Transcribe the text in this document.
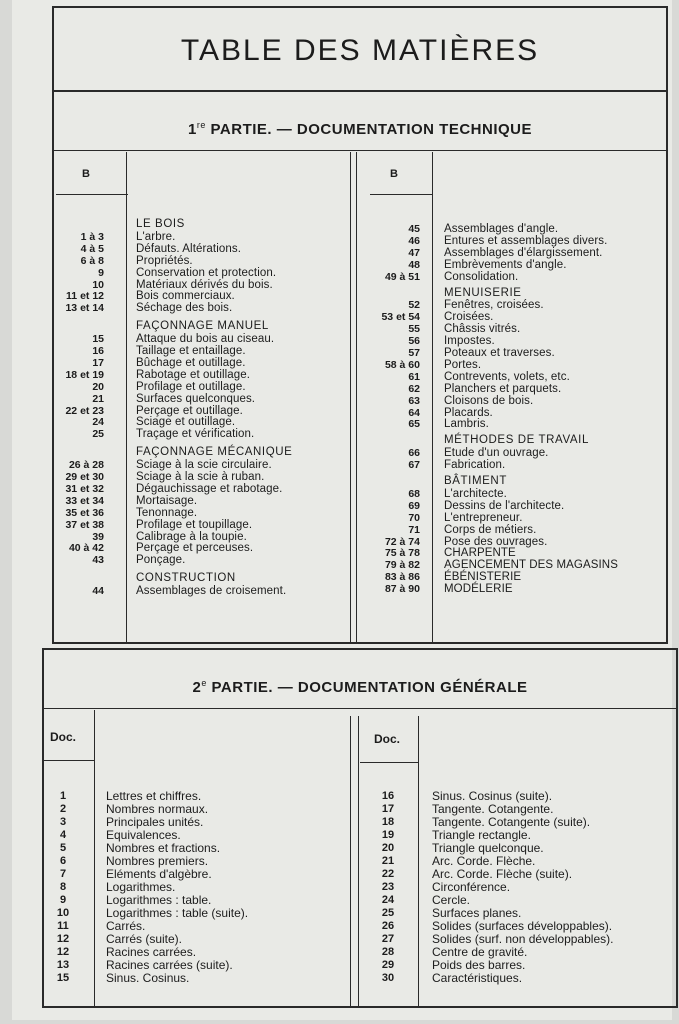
TABLE DES MATIÈRES
1re PARTIE. — DOCUMENTATION TECHNIQUE
B	B
LE BOIS
1 à 3	L'arbre.
4 à 5	Défauts. Altérations.
6 à 8	Propriétés.
9	Conservation et protection.
10	Matériaux dérivés du bois.
11 et 12	Bois commerciaux.
13 et 14	Séchage des bois.
FAÇONNAGE MANUEL
15	Attaque du bois au ciseau.
16	Taillage et entaillage.
17	Bûchage et outillage.
18 et 19	Rabotage et outillage.
20	Profilage et outillage.
21	Surfaces quelconques.
22 et 23	Perçage et outillage.
24	Sciage et outillage.
25	Traçage et vérification.
FAÇONNAGE MÉCANIQUE
26 à 28	Sciage à la scie circulaire.
29 et 30	Sciage à la scie à ruban.
31 et 32	Dégauchissage et rabotage.
33 et 34	Mortaisage.
35 et 36	Tenonnage.
37 et 38	Profilage et toupillage.
39	Calibrage à la toupie.
40 à 42	Perçage et perceuses.
43	Ponçage.
CONSTRUCTION
44	Assemblages de croisement.
45 Assemblages d'angle.
46 Entures et assemblages divers.
47 Assemblages d'élargissement.
48 Embrèvements d'angle.
49 à 51 Consolidation.
MENUISERIE
52 Fenêtres, croisées.
53 et 54 Croisées.
55 Châssis vitrés.
56 Impostes.
57 Poteaux et traverses.
58 à 60 Portes.
61 Contrevents, volets, etc.
62 Planchers et parquets.
63 Cloisons de bois.
64 Placards.
65 Lambris.
MÉTHODES DE TRAVAIL
66 Etude d'un ouvrage.
67 Fabrication.
BÂTIMENT
68 L'architecte.
69 Dessins de l'architecte.
70 L'entrepreneur.
71 Corps de métiers.
72 à 74 Pose des ouvrages.
75 à 78 CHARPENTE
79 à 82 AGENCEMENT DES MAGASINS
83 à 86 ÉBÉNISTERIE
87 à 90 MODÉLERIE
2e PARTIE. — DOCUMENTATION GÉNÉRALE
Doc.	Doc.
1	Lettres et chiffres.
2	Nombres normaux.
3	Principales unités.
4	Equivalences.
5	Nombres et fractions.
6	Nombres premiers.
7	Eléments d'algèbre.
8	Logarithmes.
9	Logarithmes : table.
10	Logarithmes : table (suite).
11	Carrés.
12	Carrés (suite).
12	Racines carrées.
13	Racines carrées (suite).
15	Sinus. Cosinus.
16	Sinus. Cosinus (suite).
17	Tangente. Cotangente.
18	Tangente. Cotangente (suite).
19	Triangle rectangle.
20	Triangle quelconque.
21	Arc. Corde. Flèche.
22	Arc. Corde. Flèche (suite).
23	Circonférence.
24	Cercle.
25	Surfaces planes.
26	Solides (surfaces développables).
27	Solides (surf. non développables).
28	Centre de gravité.
29	Poids des barres.
30	Caractéristiques.
